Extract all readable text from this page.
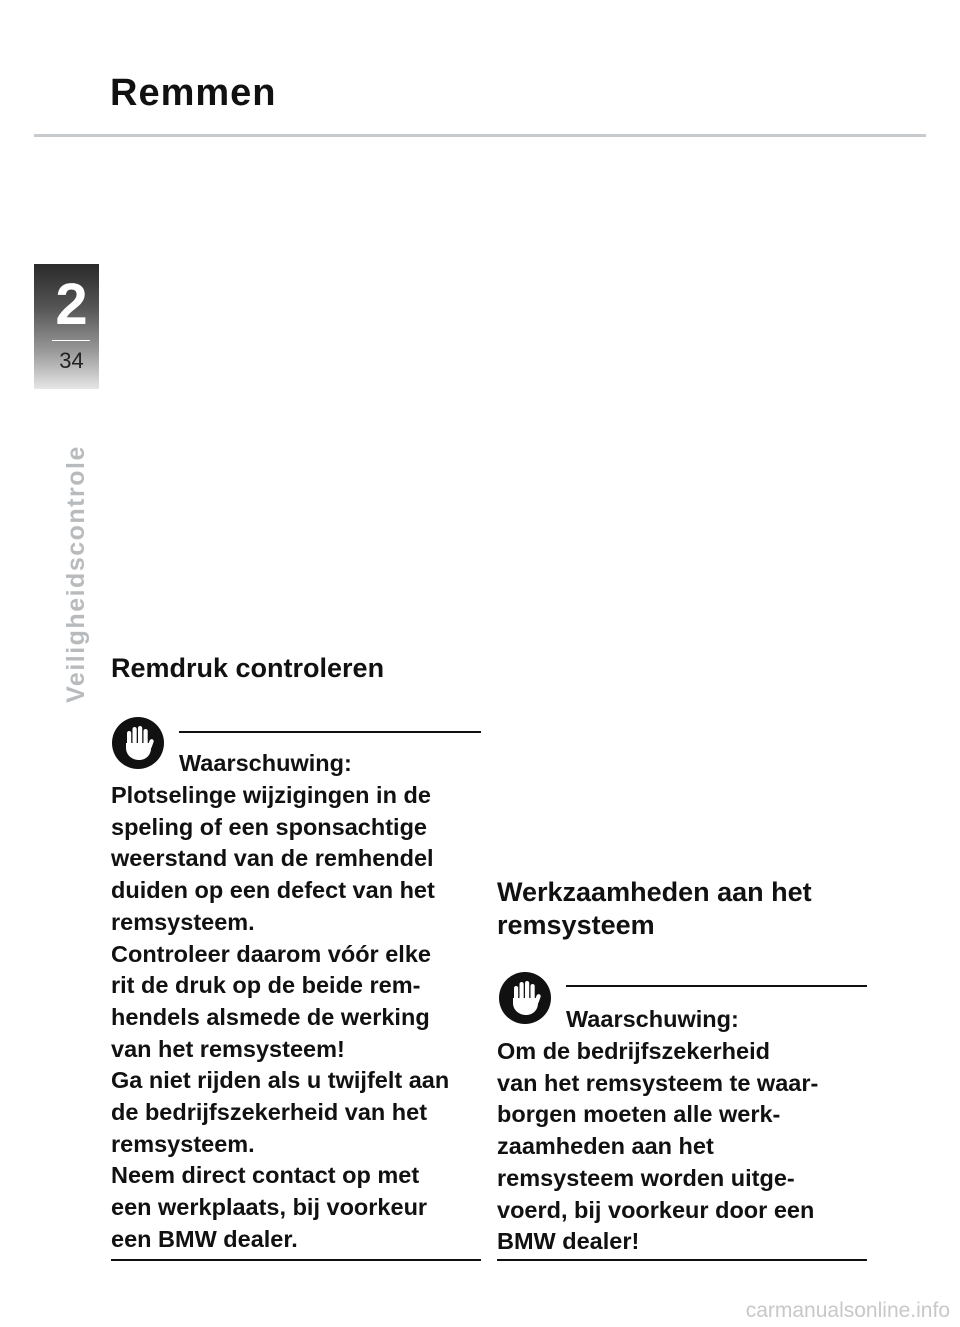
Remmen
2
34
Veiligheidscontrole Remdruk controleren
Waarschuwing:

Plotselinge wijzigingen in de
speling of een sponsachtige
weerstand van de remhendel
duiden op een defect van het
remsysteem.
Controleer daarom vóór elke
rit de druk op de beide rem-
hendels alsmede de werking
van het remsysteem!
Ga niet rijden als u twijfelt aan
de bedrijfszekerheid van het
remsysteem.
Neem direct contact op met
een werkplaats, bij voorkeur
een BMW dealer.

Werkzaamheden aan het remsysteem
Waarschuwing:

Om de bedrijfszekerheid
van het remsysteem te waar-
borgen moeten alle werk-
zaamheden aan het
remsysteem worden uitge-
voerd, bij voorkeur door een
BMW dealer!

carmanualsonline.info
